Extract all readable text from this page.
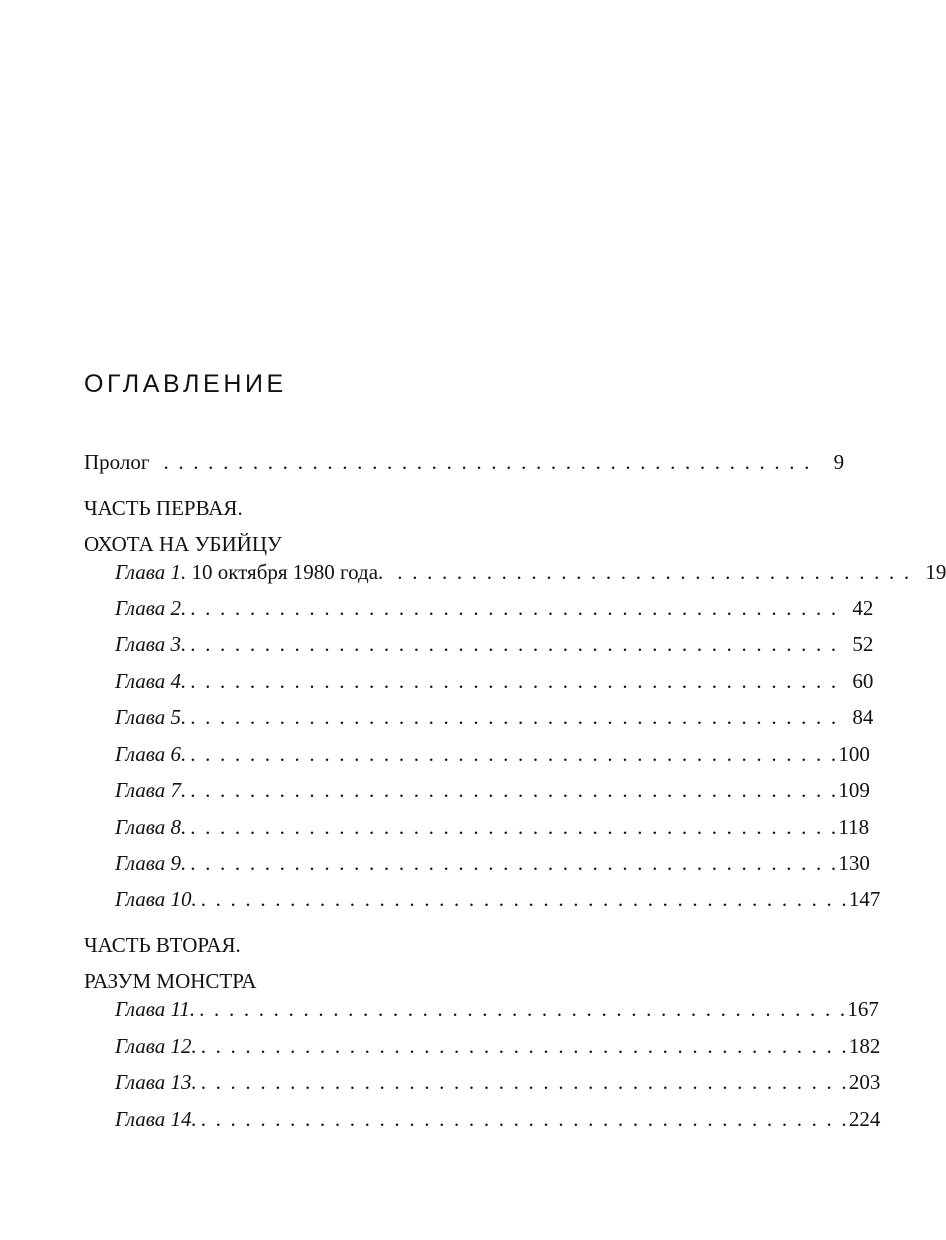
ОГЛАВЛЕНИЕ
Пролог . . . . . . . . . . . . . . . . . . . . . . . . . . . . . . . . . . . . . . . . . . . . 9
ЧАСТЬ ПЕРВАЯ.
ОХОТА НА УБИЙЦУ
Глава 1. 10 октября 1980 года. . . . . . . . . . . . . . . . . . . . . . . . . . . . . . . . . . . . 19
Глава 2. . . . . . . . . . . . . . . . . . . . . . . . . . . . . . . . . . . . . . . . . . . . . 42
Глава 3. . . . . . . . . . . . . . . . . . . . . . . . . . . . . . . . . . . . . . . . . . . . . 52
Глава 4. . . . . . . . . . . . . . . . . . . . . . . . . . . . . . . . . . . . . . . . . . . . . 60
Глава 5. . . . . . . . . . . . . . . . . . . . . . . . . . . . . . . . . . . . . . . . . . . . . 84
Глава 6. . . . . . . . . . . . . . . . . . . . . . . . . . . . . . . . . . . . . . . . . . . . . 100
Глава 7. . . . . . . . . . . . . . . . . . . . . . . . . . . . . . . . . . . . . . . . . . . . . 109
Глава 8. . . . . . . . . . . . . . . . . . . . . . . . . . . . . . . . . . . . . . . . . . . . . 118
Глава 9. . . . . . . . . . . . . . . . . . . . . . . . . . . . . . . . . . . . . . . . . . . . . 130
Глава 10. . . . . . . . . . . . . . . . . . . . . . . . . . . . . . . . . . . . . . . . . . . . . 147
ЧАСТЬ ВТОРАЯ.
РАЗУМ МОНСТРА
Глава 11. . . . . . . . . . . . . . . . . . . . . . . . . . . . . . . . . . . . . . . . . . . . . 167
Глава 12. . . . . . . . . . . . . . . . . . . . . . . . . . . . . . . . . . . . . . . . . . . . . 182
Глава 13. . . . . . . . . . . . . . . . . . . . . . . . . . . . . . . . . . . . . . . . . . . . . 203
Глава 14. . . . . . . . . . . . . . . . . . . . . . . . . . . . . . . . . . . . . . . . . . . . . 224
